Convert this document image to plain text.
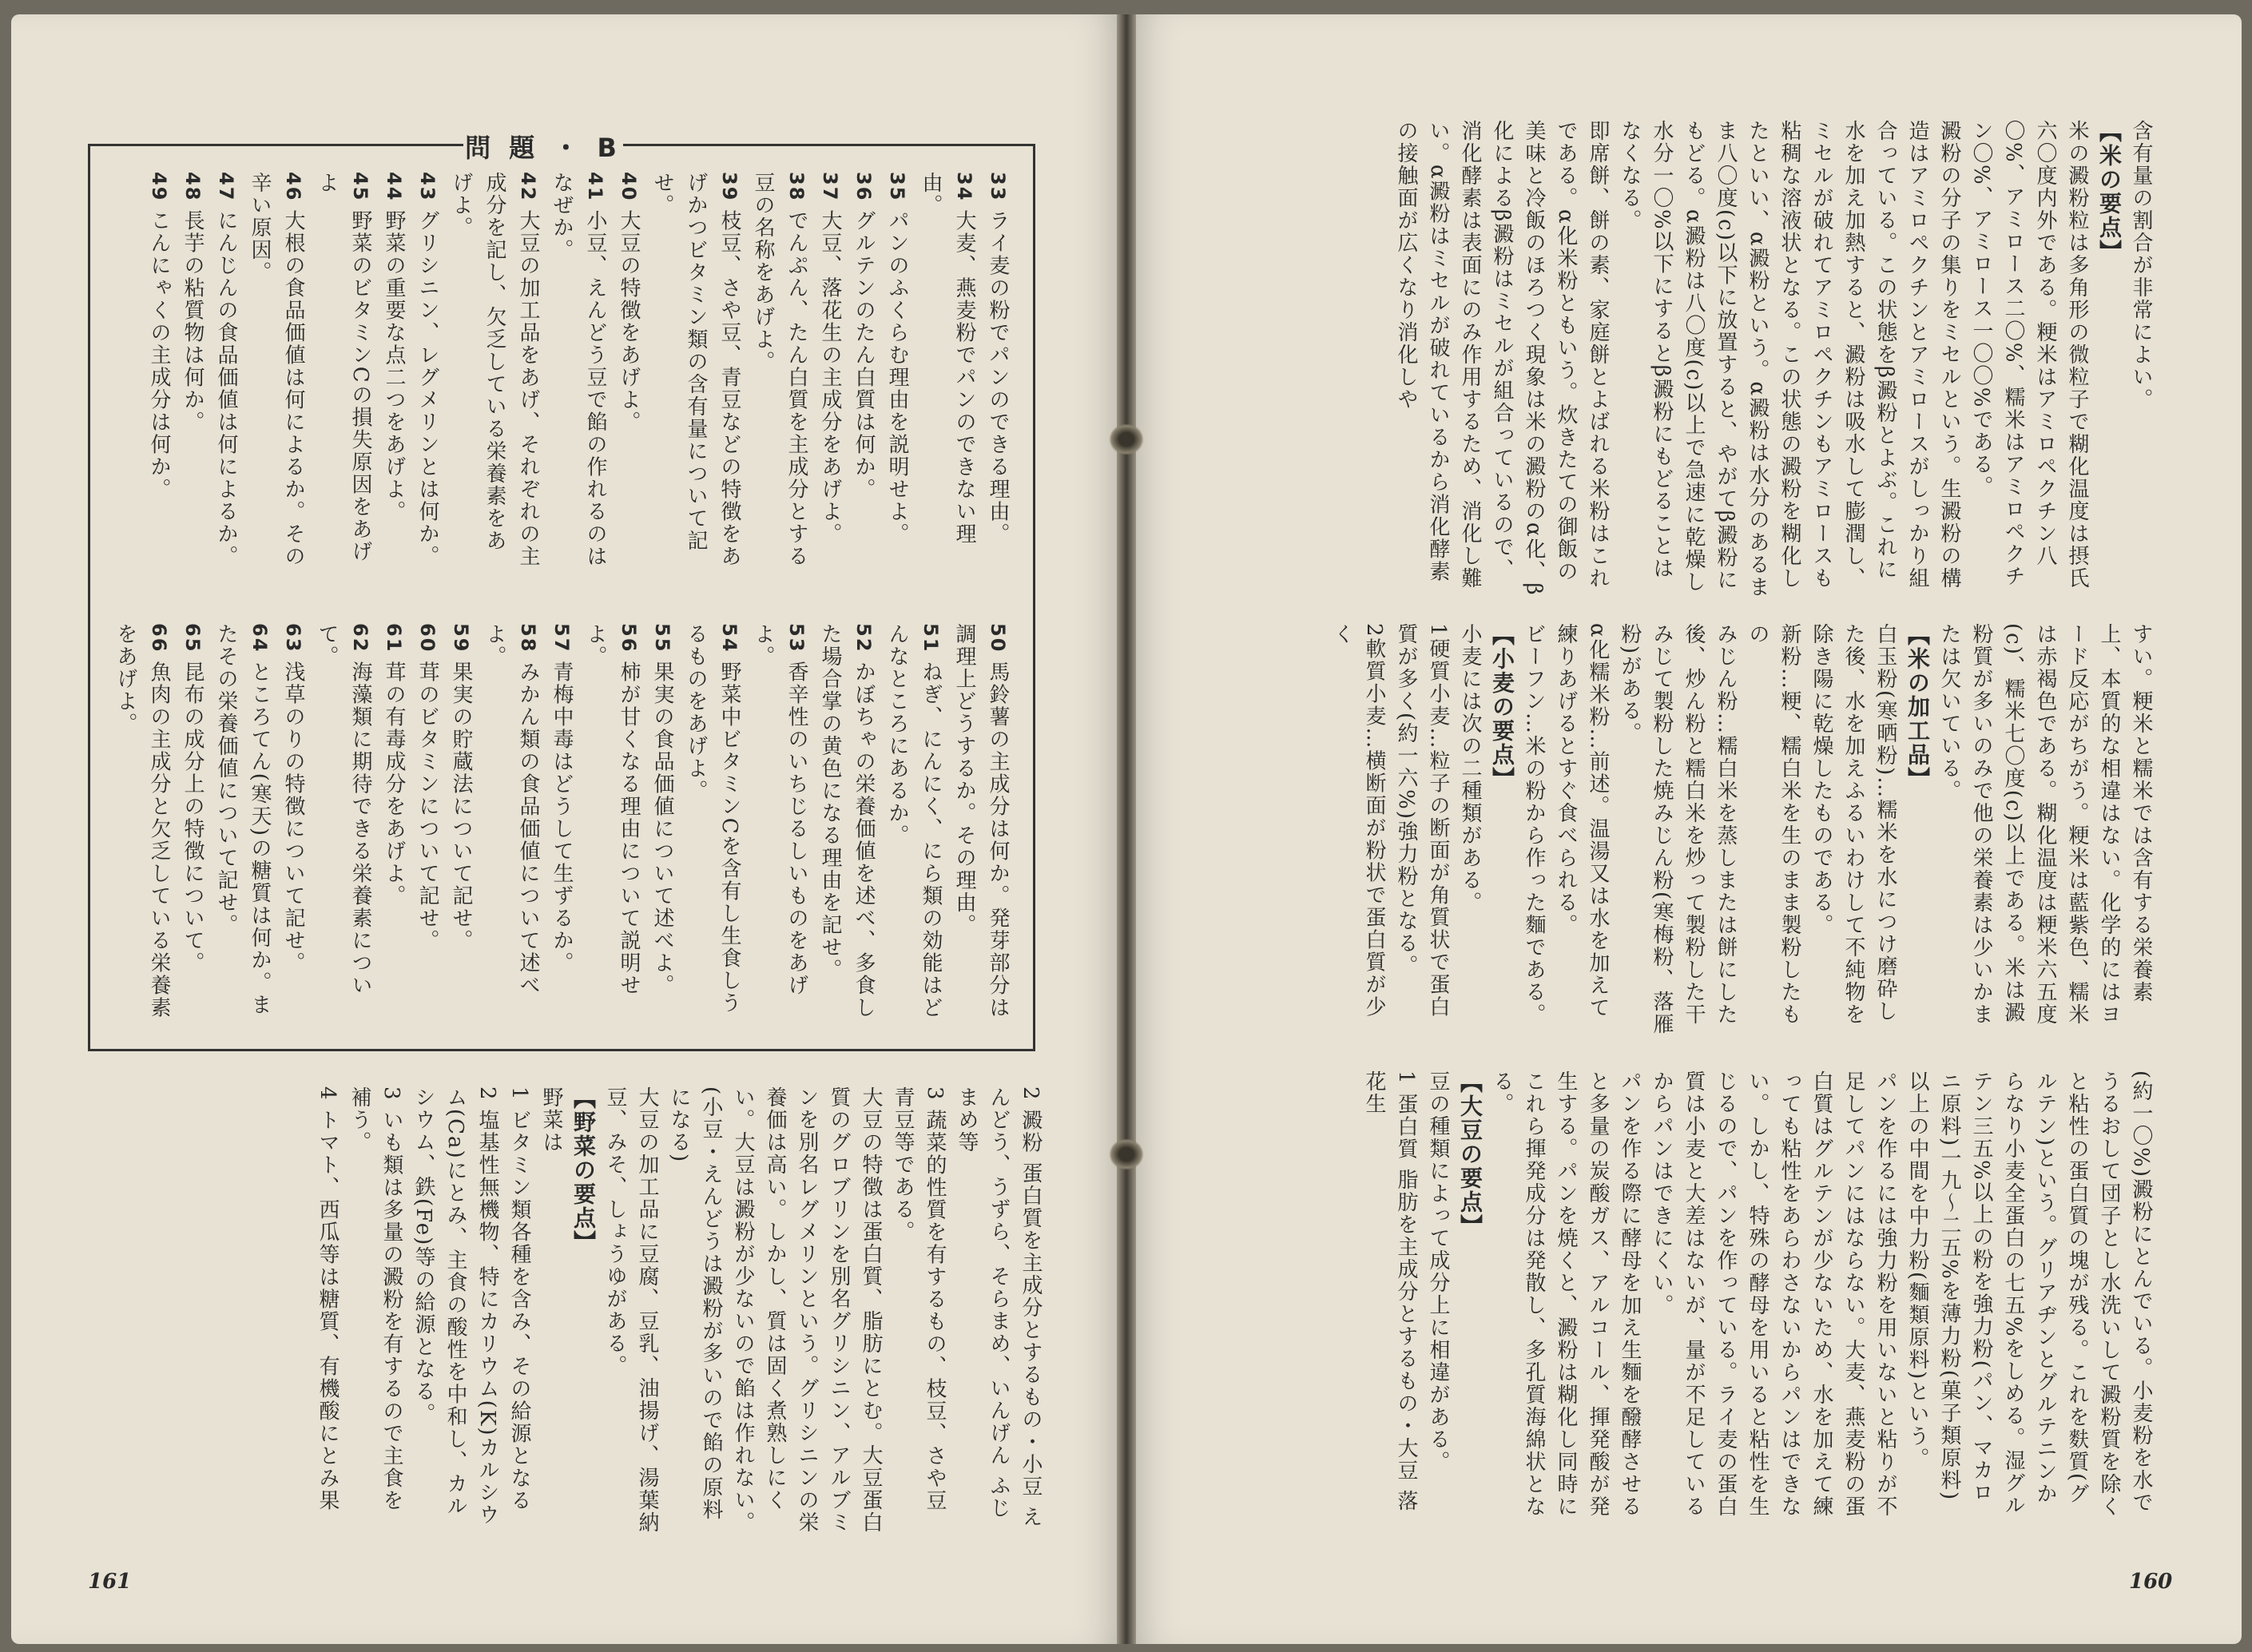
含有量の割合が非常によい。

【米の要点】

米の澱粉粒は多角形の微粒子で糊化温度は摂氏六〇度内外である。粳米はアミロペクチン八〇%、アミロース二〇%、糯米はアミロペクチン〇%、アミロース一〇〇%である。

澱粉の分子の集りをミセルという。生澱粉の構造はアミロペクチンとアミロースがしっかり組合っている。この状態をβ澱粉とよぶ。これに水を加え加熱すると、澱粉は吸水して膨潤し、ミセルが破れてアミロペクチンもアミロースも粘稠な溶液状となる。この状態の澱粉を糊化したといい、α澱粉という。α澱粉は水分のあるまま八〇度(c)以下に放置すると、やがてβ澱粉にもどる。α澱粉は八〇度(c)以上で急速に乾燥し水分一〇%以下にするとβ澱粉にもどることはなくなる。

即席餅、餅の素、家庭餅とよばれる米粉はこれである。α化米粉ともいう。炊きたての御飯の美味と冷飯のほろつく現象は米の澱粉のα化、β化によるβ澱粉はミセルが組合っているので、消化酵素は表面にのみ作用するため、消化し難い。α澱粉はミセルが破れているから消化酵素の接触面が広くなり消化しや

すい。粳米と糯米では含有する栄養素上、本質的な相違はない。化学的にはヨード反応がちがう。粳米は藍紫色、糯米は赤褐色である。糊化温度は粳米六五度(c)、糯米七〇度(c)以上である。米は澱粉質が多いのみで他の栄養素は少いかまたは欠いている。

【米の加工品】

白玉粉(寒晒粉)…糯米を水につけ磨砕した後、水を加えふるいわけして不純物を除き陽に乾燥したものである。

新粉…粳、糯白米を生のまま製粉したもの

みじん粉…糯白米を蒸しまたは餅にした後、炒ん粉と糯白米を炒って製粉した干みじて製粉した焼みじん粉(寒梅粉、落雁粉)がある。

α化糯米粉…前述。温湯又は水を加えて練りあげるとすぐ食べられる。

ビーフン…米の粉から作った麵である。

【小麦の要点】

小麦には次の二種類がある。

1硬質小麦…粒子の断面が角質状で蛋白質が多く(約一六%)強力粉となる。

2軟質小麦…横断面が粉状で蛋白質が少く

(約一〇%)澱粉にとんでいる。小麦粉を水でうるおして団子とし水洗いして澱粉質を除くと粘性の蛋白質の塊が残る。これを麩質(グルテン)という。グリアヂンとグルテニンからなり小麦全蛋白の七五%をしめる。湿グルテン三五%以上の粉を強力粉(パン、マカロニ原料)一九〜二五%を薄力粉(菓子類原料)以上の中間を中力粉(麵類原料)という。

パンを作るには強力粉を用いないと粘りが不足してパンにはならない。大麦、燕麦粉の蛋白質はグルテンが少ないため、水を加えて練っても粘性をあらわさないからパンはできない。しかし、特殊の酵母を用いると粘性を生じるので、パンを作っている。ライ麦の蛋白質は小麦と大差はないが、量が不足しているからパンはできにくい。

パンを作る際に酵母を加え生麵を醱酵させると多量の炭酸ガス、アルコール、揮発酸が発生する。パンを焼くと、澱粉は糊化し同時にこれら揮発成分は発散し、多孔質海綿状となる。

【大豆の要点】

豆の種類によって成分上に相違がある。

1 蛋白質 脂肪を主成分とするもの・大豆 落花生

160
問 題 ・ B

33 ライ麦の粉でパンのできる理由。

34 大麦、燕麦粉でパンのできない理由。

35 パンのふくらむ理由を説明せよ。

36 グルテンのたん白質は何か。

37 大豆、落花生の主成分をあげよ。

38 でんぷん、たん白質を主成分とする豆の名称をあげよ。

39 枝豆、さや豆、青豆などの特徴をあげかつビタミン類の含有量について記せ。

40 大豆の特徴をあげよ。

41 小豆、えんどう豆で餡の作れるのはなぜか。

42 大豆の加工品をあげ、それぞれの主成分を記し、欠乏している栄養素をあげよ。

43 グリシニン、レグメリンとは何か。

44 野菜の重要な点二つをあげよ。

45 野菜のビタミンCの損失原因をあげよ

46 大根の食品価値は何によるか。その辛い原因。

47 にんじんの食品価値は何によるか。

48 長芋の粘質物は何か。

49 こんにゃくの主成分は何か。

50 馬鈴薯の主成分は何か。発芽部分は調理上どうするか。その理由。

51 ねぎ、にんにく、にら類の効能はどんなところにあるか。

52 かぼちゃの栄養価値を述べ、多食した場合掌の黄色になる理由を記せ。

53 香辛性のいちじるしいものをあげよ。

54 野菜中ビタミンCを含有し生食しうるものをあげよ。

55 果実の食品価値について述べよ。

56 柿が甘くなる理由について説明せよ。

57 青梅中毒はどうして生ずるか。

58 みかん類の食品価値について述べよ。

59 果実の貯蔵法について記せ。

60 茸のビタミンについて記せ。

61 茸の有毒成分をあげよ。

62 海藻類に期待できる栄養素について。

63 浅草のりの特徴について記せ。

64 ところてん(寒天)の糖質は何か。またその栄養価値について記せ。

65 昆布の成分上の特徴について。

66 魚肉の主成分と欠乏している栄養素をあげよ。

2 澱粉 蛋白質を主成分とするもの・小豆 えんどう、うずら、そらまめ、いんげん ふじまめ等

3 蔬菜的性質を有するもの、枝豆、さや豆 青豆等である。

大豆の特徴は蛋白質、脂肪にとむ。大豆蛋白質のグロブリンを別名グリシニン、アルブミンを別名レグメリンという。グリシニンの栄養価は高い。しかし、質は固く煮熟しにくい。大豆は澱粉が少ないので餡は作れない。(小豆・えんどうは澱粉が多いので餡の原料になる)

大豆の加工品に豆腐、豆乳、油揚げ、湯葉納豆、みそ、しょうゆがある。

【野菜の要点】

野菜は

1 ビタミン類各種を含み、その給源となる

2 塩基性無機物、特にカリウム(K)カルシウム(Ca)にとみ、主食の酸性を中和し、カルシウム、鉄(Fe)等の給源となる。

3 いも類は多量の澱粉を有するので主食を補う。

4 トマト、西瓜等は糖質、有機酸にとみ果

161
